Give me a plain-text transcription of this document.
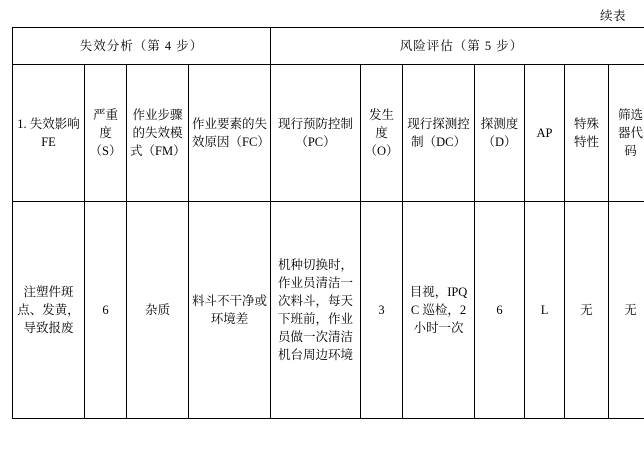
续表
失效分析（第 4 步）				风险评估（第 5 步）						
1. 失效影响 FE	严重度（S）	作业步骤的失效模式（FM）	作业要素的失效原因（FC）	现行预防控制（PC）	发生度（O）	现行探测控制（DC）	探测度（D）	AP	特殊特性	筛选器代码
注塑件斑点、发黄，导致报废	6	杂质	料斗不干净或环境差	机种切换时，作业员清洁一次料斗，每天下班前，作业员做一次清洁机台周边环境	3	目视，IPQC 巡检，2 小时一次	6	L	无	无
